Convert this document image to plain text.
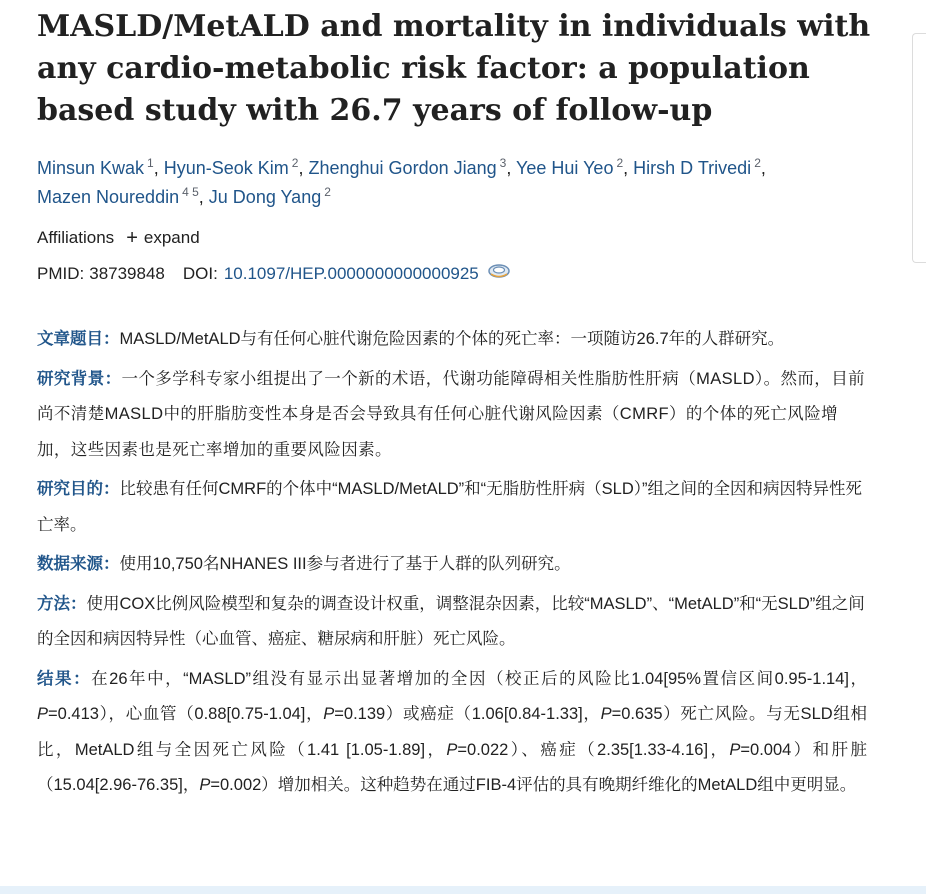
MASLD/MetALD and mortality in individuals with any cardio-metabolic risk factor: a population based study with 26.7 years of follow-up
Minsun Kwak $^1$, Hyun-Seok Kim $^2$, Zhenghui Gordon Jiang $^3$, Yee Hui Yeo $^2$, Hirsh D Trivedi $^2$,
Mazen Noureddin $^{4 5}$, Ju Dong Yang $^2$
Affiliations + expand
PMID: 38739848 DOI: 10.1097/HEP.0000000000000925

文章题目：MASLD/MetALD与有任何心脏代谢危险因素的个体的死亡率：一项随访26.7年的人群研究。

研究背景：一个多学科专家小组提出了一个新的术语，代谢功能障碍相关性脂肪性肝病（MASLD）。然而，目前尚不清楚MASLD中的肝脂肪变性本身是否会导致具有任何心脏代谢风险因素（CMRF）的个体的死亡风险增加，这些因素也是死亡率增加的重要风险因素。

研究目的：比较患有任何CMRF的个体中“MASLD/MetALD”和“无脂肪性肝病（SLD）”组之间的全因和病因特异性死亡率。

数据来源：使用10,750名NHANES III参与者进行了基于人群的队列研究。

方法：使用COX比例风险模型和复杂的调查设计权重，调整混杂因素，比较“MASLD”、“MetALD”和“无SLD”组之间的全因和病因特异性（心血管、癌症、糖尿病和肝脏）死亡风险。

结果：在26年中，“MASLD”组没有显示出显著增加的全因（校正后的风险比1.04[95%置信区间0.95-1.14]，P=0.413），心血管（0.88[0.75-1.04]，P=0.139）或癌症（1.06[0.84-1.33]，P=0.635）死亡风险。与无SLD组相比，MetALD组与全因死亡风险（1.41 [1.05-1.89]，P=0.022）、癌症（2.35[1.33-4.16]，P=0.004）和肝脏（15.04[2.96-76.35]，P=0.002）增加相关。这种趋势在通过FIB-4评估的具有晚期纤维化的MetALD组中更明显。
